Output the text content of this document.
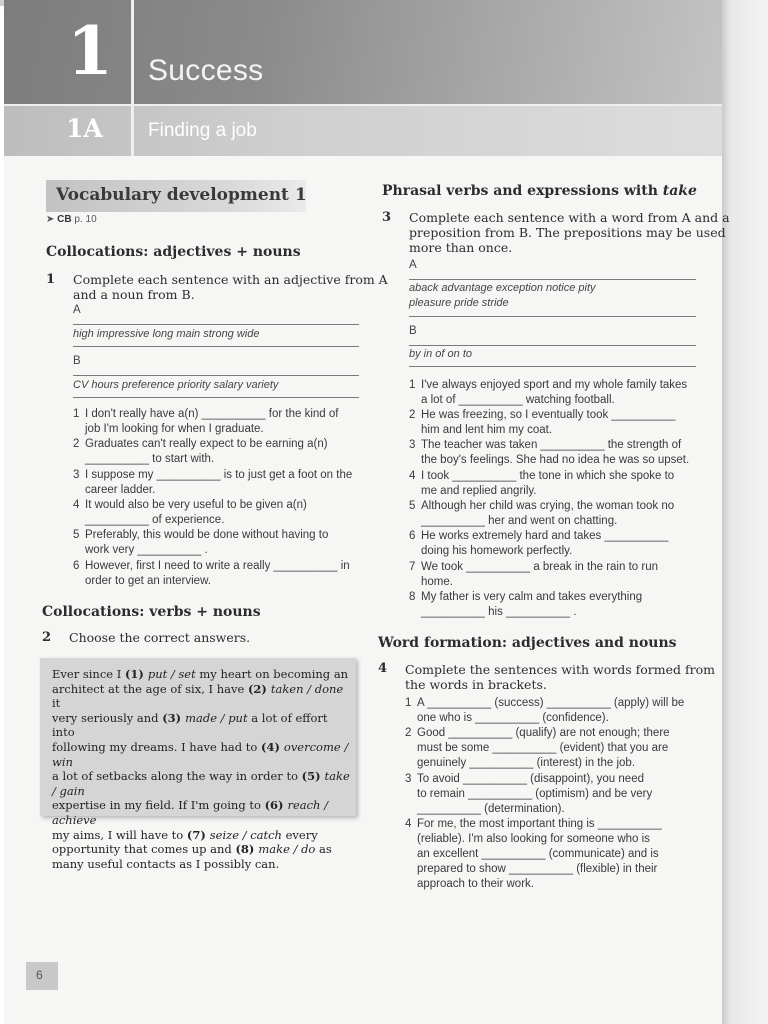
1 Success
1A Finding a job
Vocabulary development 1
➤ CB p. 10
Collocations: adjectives + nouns
1 Complete each sentence with an adjective from A
and a noun from B.
A
high impressive long main strong wide
B
CV hours preference priority salary variety
1 I don't really have a(n) __________ for the kind of
job I'm looking for when I graduate.
2 Graduates can't really expect to be earning a(n)
__________ to start with.
3 I suppose my __________ is to just get a foot on the
career ladder.
4 It would also be very useful to be given a(n)
__________ of experience.
5 Preferably, this would be done without having to
work very __________ .
6 However, first I need to write a really __________ in
order to get an interview.
Collocations: verbs + nouns
2 Choose the correct answers.
Ever since I (1) put / set my heart on becoming an
architect at the age of six, I have (2) taken / done it
very seriously and (3) made / put a lot of effort into
following my dreams. I have had to (4) overcome / win
a lot of setbacks along the way in order to (5) take / gain
expertise in my field. If I'm going to (6) reach / achieve
my aims, I will have to (7) seize / catch every
opportunity that comes up and (8) make / do as
many useful contacts as I possibly can.
Phrasal verbs and expressions with take
3 Complete each sentence with a word from A and a
preposition from B. The prepositions may be used
more than once.
A
aback advantage exception notice pity
pleasure pride stride
B
by in of on to
1 I've always enjoyed sport and my whole family takes
a lot of __________ watching football.
2 He was freezing, so I eventually took __________
him and lent him my coat.
3 The teacher was taken __________ the strength of
the boy's feelings. She had no idea he was so upset.
4 I took __________ the tone in which she spoke to
me and replied angrily.
5 Although her child was crying, the woman took no
__________ her and went on chatting.
6 He works extremely hard and takes __________
doing his homework perfectly.
7 We took __________ a break in the rain to run
home.
8 My father is very calm and takes everything
__________ his __________ .
Word formation: adjectives and nouns
4 Complete the sentences with words formed from
the words in brackets.
1 A __________ (success) __________ (apply) will be
one who is __________ (confidence).
2 Good __________ (qualify) are not enough; there
must be some __________ (evident) that you are
genuinely __________ (interest) in the job.
3 To avoid __________ (disappoint), you need
to remain __________ (optimism) and be very
__________ (determination).
4 For me, the most important thing is __________
(reliable). I'm also looking for someone who is
an excellent __________ (communicate) and is
prepared to show __________ (flexible) in their
approach to their work.
6
